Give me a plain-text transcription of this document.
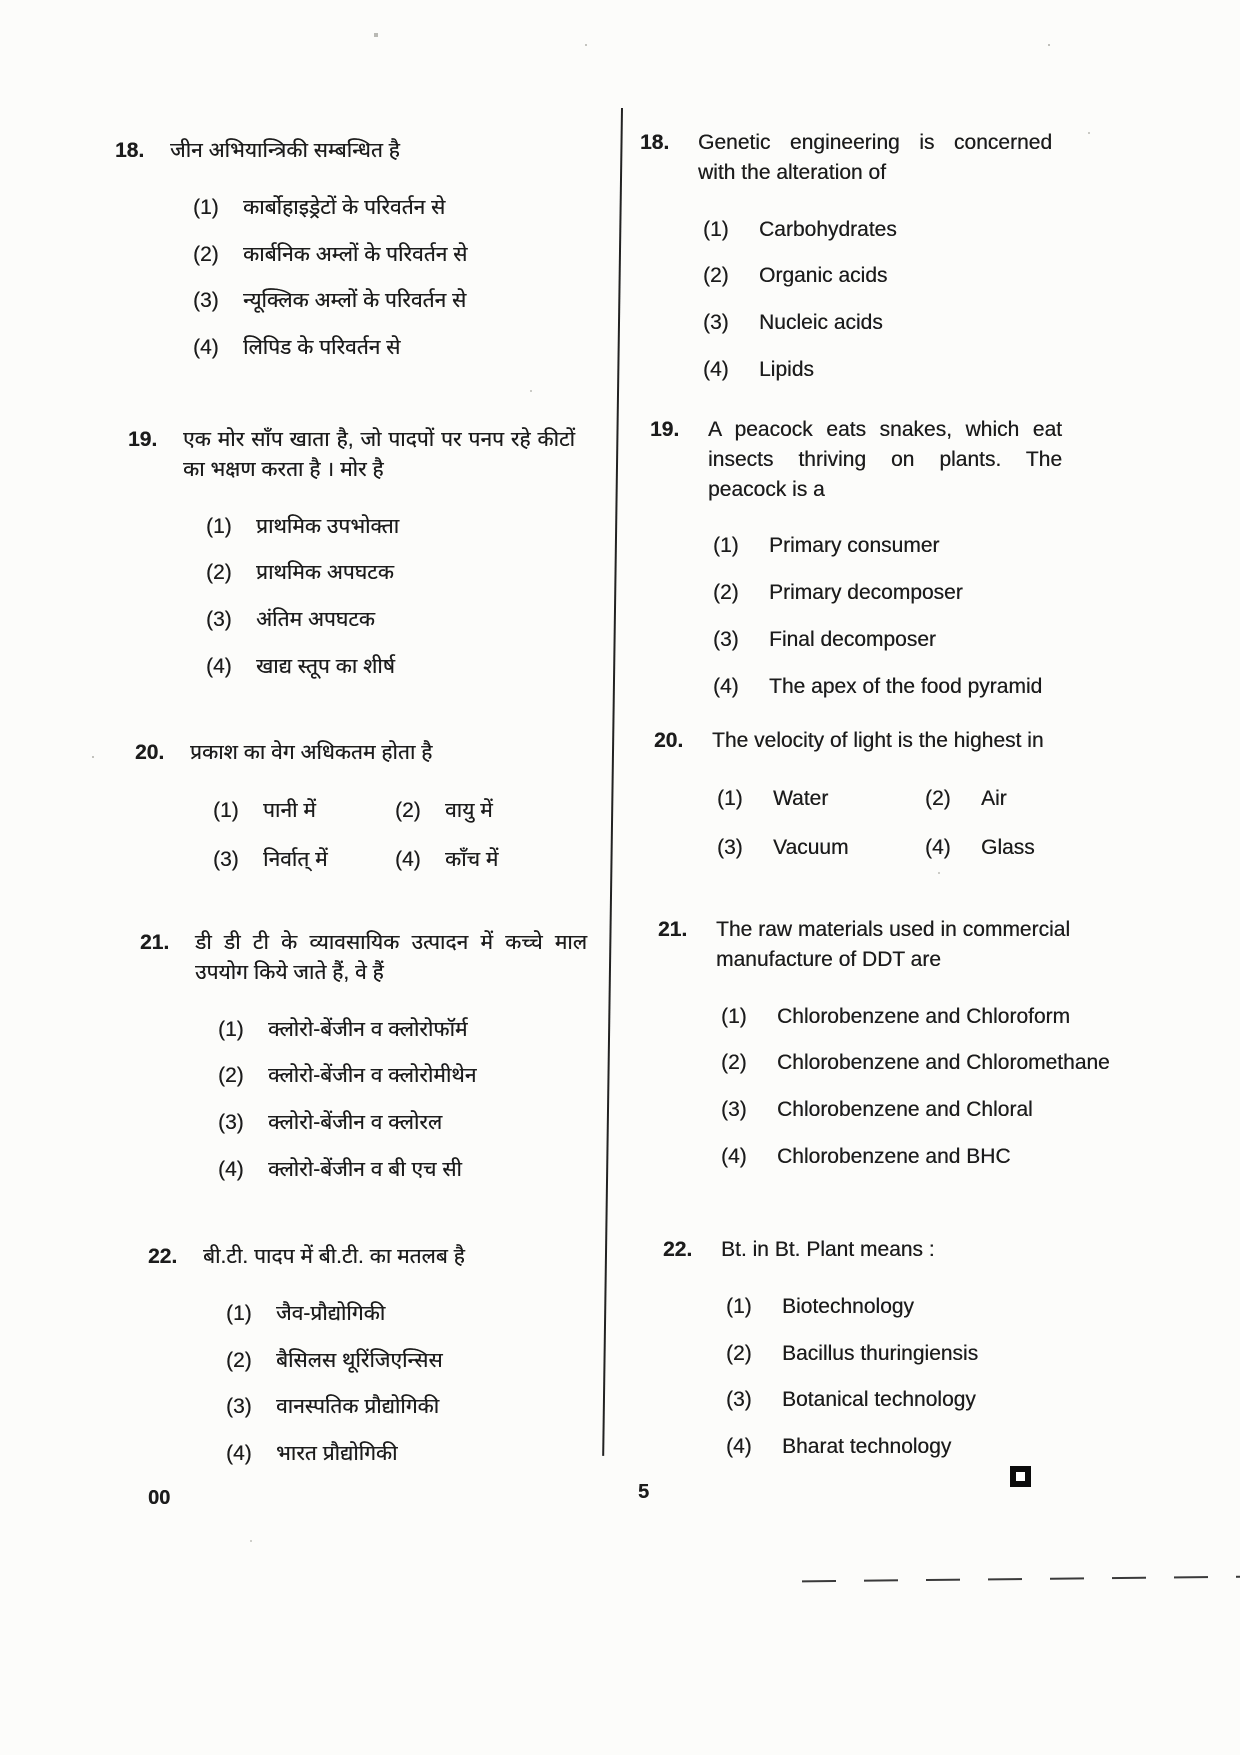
18.	जीन अभियान्त्रिकी सम्बन्धित है
(1)	कार्बोहाइड्रेटों के परिवर्तन से
(2)	कार्बनिक अम्लों के परिवर्तन से
(3)	न्यूक्लिक अम्लों के परिवर्तन से
(4)	लिपिड के परिवर्तन से
19.	एक मोर साँप खाता है, जो पादपों पर पनप रहे कीटों का भक्षण करता है । मोर है
(1)	प्राथमिक उपभोक्ता
(2)	प्राथमिक अपघटक
(3)	अंतिम अपघटक
(4)	खाद्य स्तूप का शीर्ष
20.	प्रकाश का वेग अधिकतम होता है
(1)	पानी में	(2)	वायु में
(3)	निर्वात् में	(4)	काँच में
21.	डी डी टी के व्यावसायिक उत्पादन में कच्चे माल उपयोग किये जाते हैं, वे हैं
(1)	क्लोरो-बेंजीन व क्लोरोफॉर्म
(2)	क्लोरो-बेंजीन व क्लोरोमीथेन
(3)	क्लोरो-बेंजीन व क्लोरल
(4)	क्लोरो-बेंजीन व बी एच सी
22.	बी.टी. पादप में बी.टी. का मतलब है
(1)	जैव-प्रौद्योगिकी
(2)	बैसिलस थूरिंजिएन्सिस
(3)	वानस्पतिक प्रौद्योगिकी
(4)	भारत प्रौद्योगिकी
18.	Genetic engineering is concerned with the alteration of
(1)	Carbohydrates
(2)	Organic acids
(3)	Nucleic acids
(4)	Lipids
19.	A peacock eats snakes, which eat insects thriving on plants. The peacock is a
(1)	Primary consumer
(2)	Primary decomposer
(3)	Final decomposer
(4)	The apex of the food pyramid
20.	The velocity of light is the highest in
(1)	Water	(2)	Air
(3)	Vacuum	(4)	Glass
21.	The raw materials used in commercial manufacture of DDT are
(1)	Chlorobenzene and Chloroform
(2)	Chlorobenzene and Chloromethane
(3)	Chlorobenzene and Chloral
(4)	Chlorobenzene and BHC
22.	Bt. in Bt. Plant means :
(1)	Biotechnology
(2)	Bacillus thuringiensis
(3)	Botanical technology
(4)	Bharat technology
00	5
